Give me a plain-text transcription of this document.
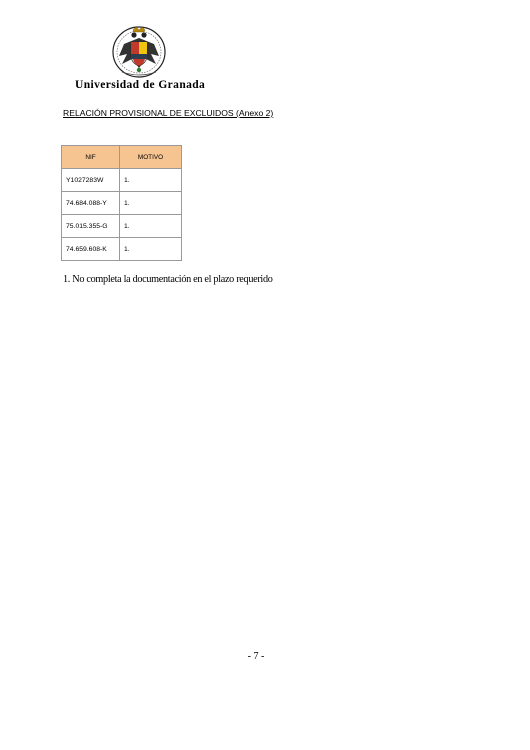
Universidad de Granada
RELACIÓN PROVISIONAL DE EXCLUIDOS (Anexo 2)
NIF	MOTIVO
Y1027283W	1.
74.684.088-Y	1.
75.015.355-G	1.
74.659.608-K	1.
1. No completa la documentación en el plazo requerido
- 7 -
